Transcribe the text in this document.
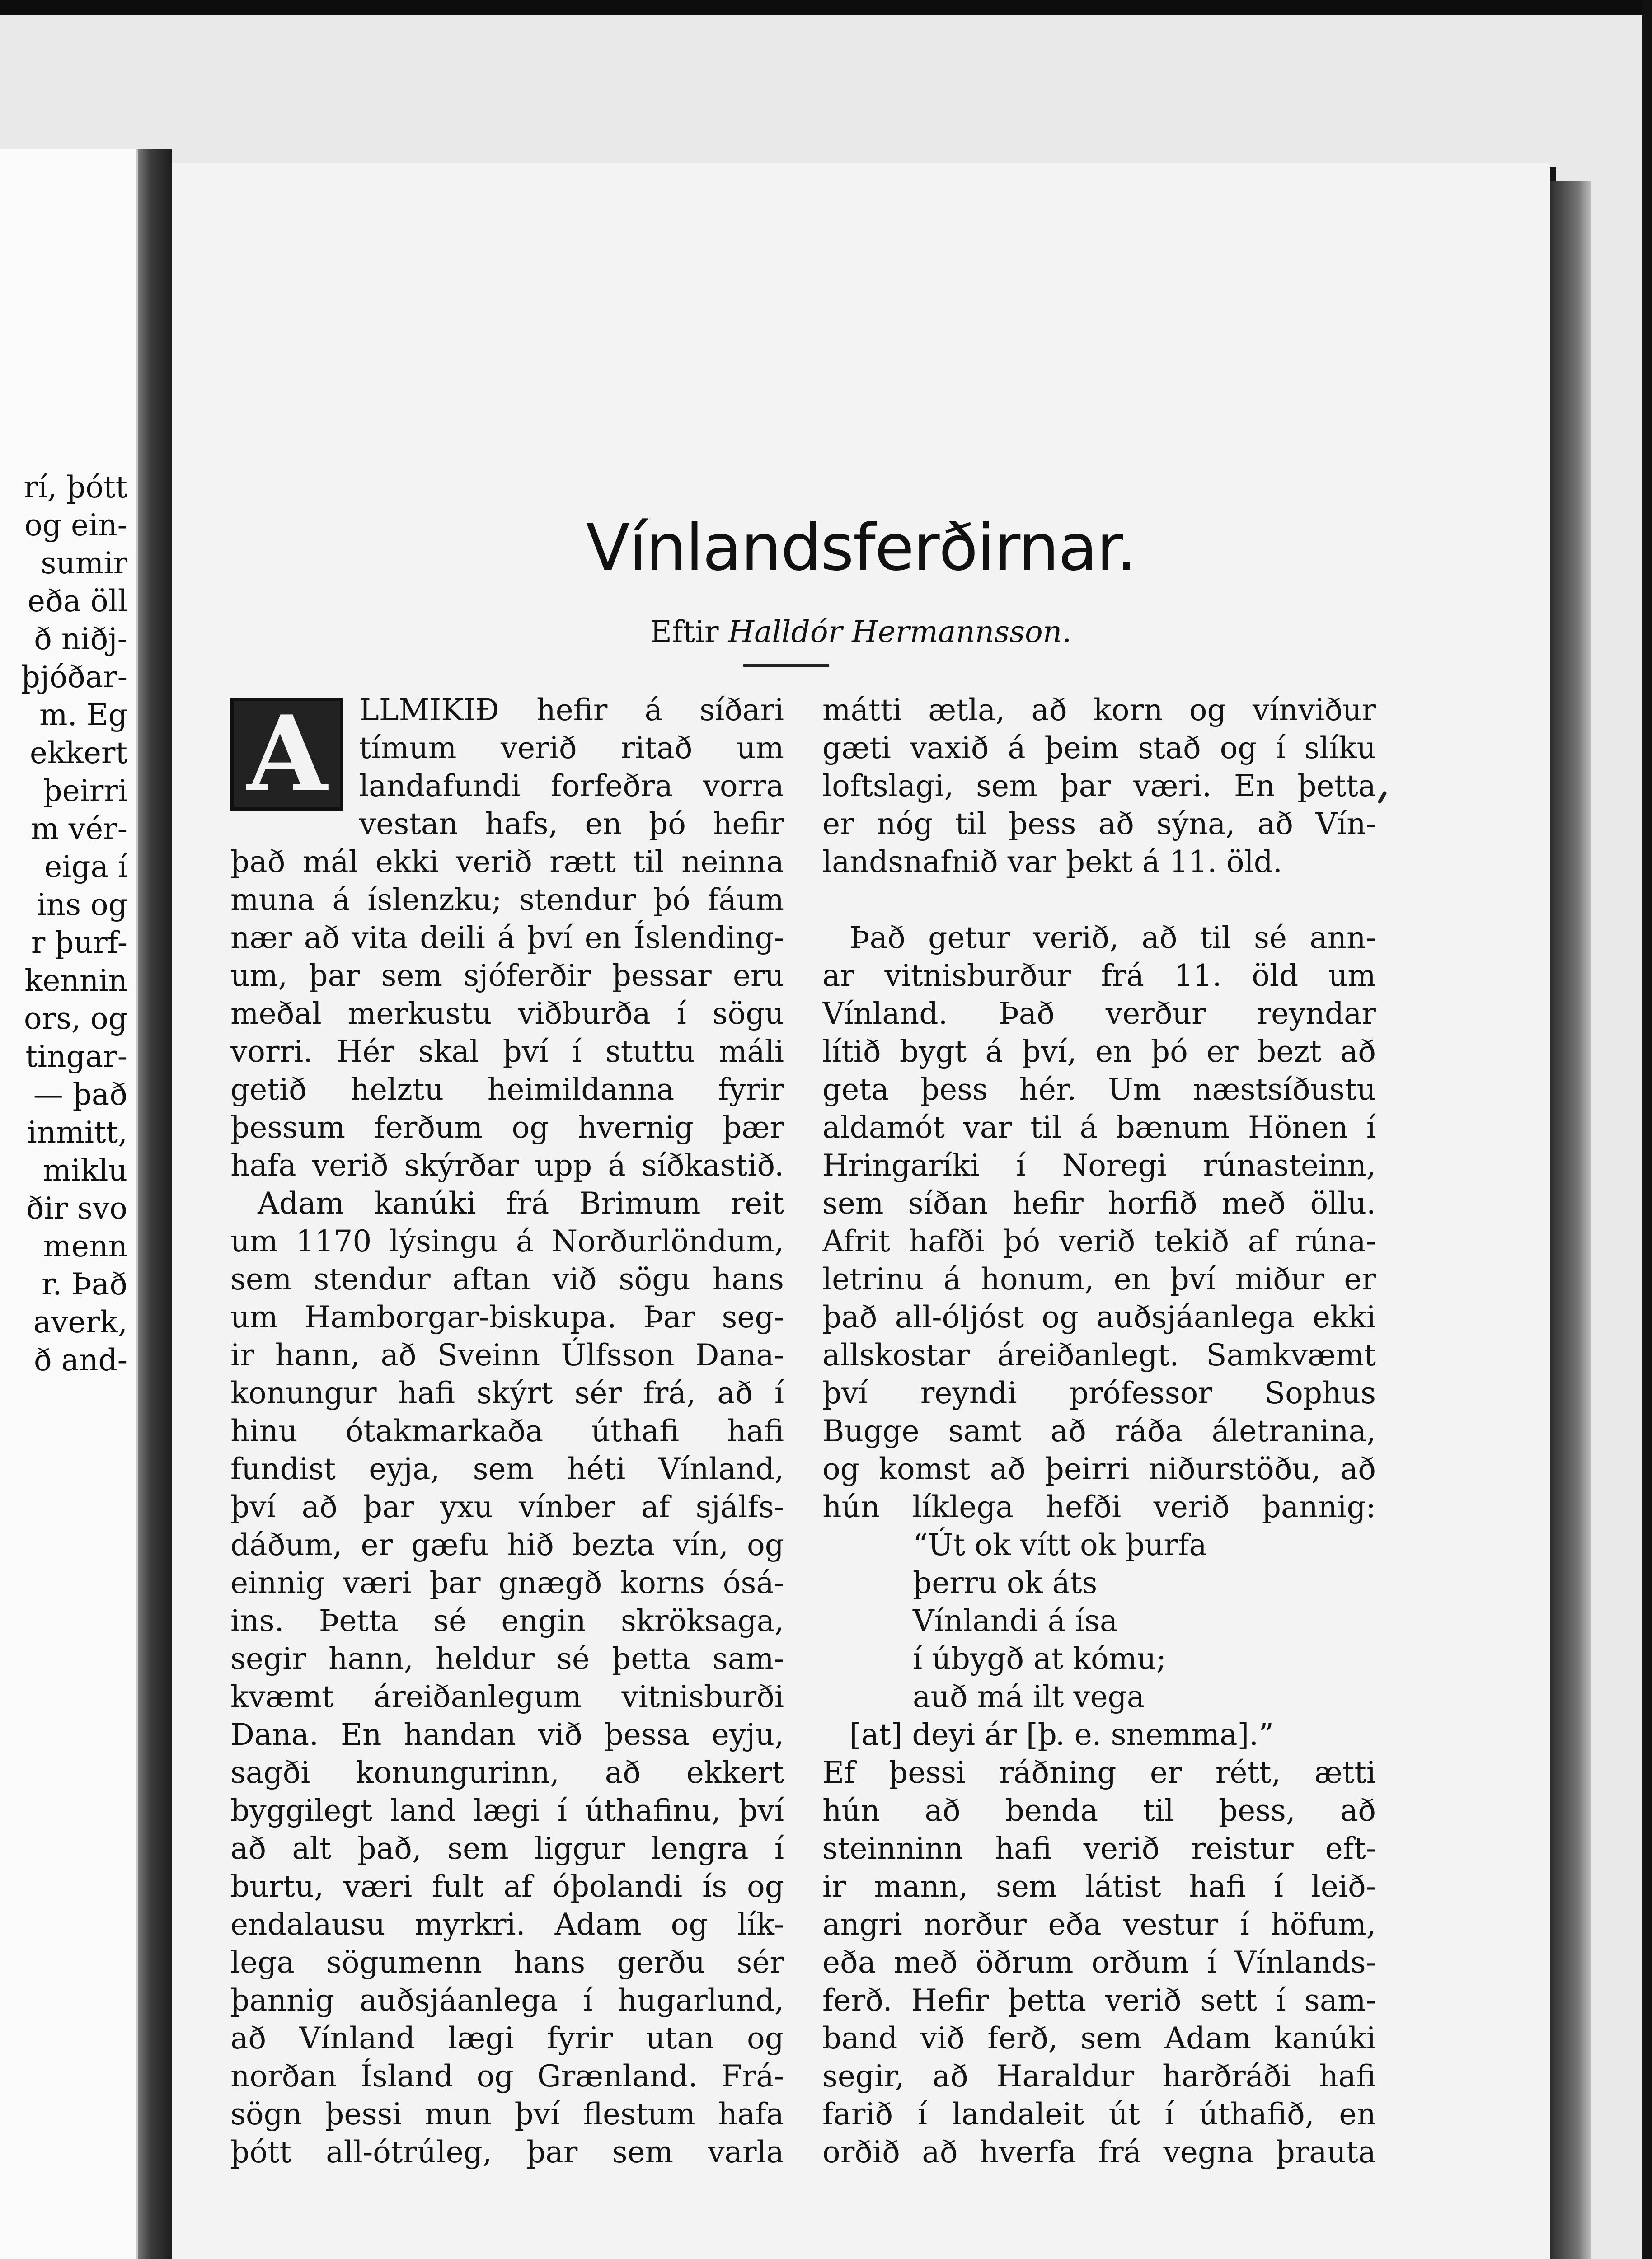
rí, þótt
og ein-
sumir
eða öll
ð niðj-
þjóðar-
m. Eg
ekkert
þeirri
m vér-
eiga í
ins og
r þurf-
kennin
ors, og
tingar-
— það
inmitt,
miklu
ðir svo
menn
r. Það
averk,
ð and-
Vínlandsferðirnar.
Eftir Halldór Hermannsson.
A	LLMIKIÐ hefir á síðari
tímum verið ritað um
landafundi forfeðra vorra
vestan hafs, en þó hefir
það mál ekki verið rætt til neinna
muna á íslenzku; stendur þó fáum
nær að vita deili á því en Íslending-
um, þar sem sjóferðir þessar eru
meðal merkustu viðburða í sögu
vorri. Hér skal því í stuttu máli
getið helztu heimildanna fyrir
þessum ferðum og hvernig þær
hafa verið skýrðar upp á síðkastið.
Adam kanúki frá Brimum reit
um 1170 lýsingu á Norðurlöndum,
sem stendur aftan við sögu hans
um Hamborgar-biskupa. Þar seg-
ir hann, að Sveinn Úlfsson Dana-
konungur hafi skýrt sér frá, að í
hinu ótakmarkaða úthafi hafi
fundist eyja, sem héti Vínland,
því að þar yxu vínber af sjálfs-
dáðum, er gæfu hið bezta vín, og
einnig væri þar gnægð korns ósá-
ins. Þetta sé engin skröksaga,
segir hann, heldur sé þetta sam-
kvæmt áreiðanlegum vitnisburði
Dana. En handan við þessa eyju,
sagði konungurinn, að ekkert
byggilegt land lægi í úthafinu, því
að alt það, sem liggur lengra í
burtu, væri fult af óþolandi ís og
endalausu myrkri. Adam og lík-
lega sögumenn hans gerðu sér
þannig auðsjáanlega í hugarlund,
að Vínland lægi fyrir utan og
norðan Ísland og Grænland. Frá-
sögn þessi mun því flestum hafa
þótt all-ótrúleg, þar sem varla
mátti ætla, að korn og vínviður
gæti vaxið á þeim stað og í slíku
loftslagi, sem þar væri. En þetta
er nóg til þess að sýna, að Vín-
landsnafnið var þekt á 11. öld.
Það getur verið, að til sé ann-
ar vitnisburður frá 11. öld um
Vínland. Það verður reyndar
lítið bygt á því, en þó er bezt að
geta þess hér. Um næstsíðustu
aldamót var til á bænum Hönen í
Hringaríki í Noregi rúnasteinn,
sem síðan hefir horfið með öllu.
Afrit hafði þó verið tekið af rúna-
letrinu á honum, en því miður er
það all-óljóst og auðsjáanlega ekki
allskostar áreiðanlegt. Samkvæmt
því reyndi prófessor Sophus
Bugge samt að ráða áletranina,
og komst að þeirri niðurstöðu, að
hún líklega hefði verið þannig:
“Út ok vítt ok þurfa
þerru ok áts
Vínlandi á ísa
í úbygð at kómu;
auð má ilt vega
[at] deyi ár [þ. e. snemma].”
Ef þessi ráðning er rétt, ætti
hún að benda til þess, að
steinninn hafi verið reistur eft-
ir mann, sem látist hafi í leið-
angri norður eða vestur í höfum,
eða með öðrum orðum í Vínlands-
ferð. Hefir þetta verið sett í sam-
band við ferð, sem Adam kanúki
segir, að Haraldur harðráði hafi
farið í landaleit út í úthafið, en
orðið að hverfa frá vegna þrauta
